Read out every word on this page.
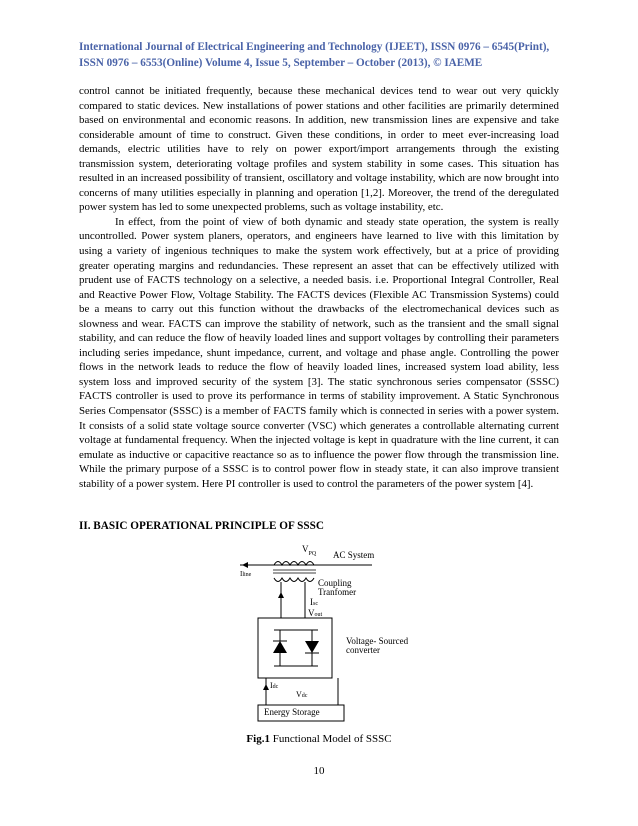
International Journal of Electrical Engineering and Technology (IJEET), ISSN 0976 – 6545(Print),
ISSN 0976 – 6553(Online) Volume 4, Issue 5, September – October (2013), © IAEME

control cannot be initiated frequently, because these mechanical devices tend to wear out very quickly compared to static devices. New installations of power stations and other facilities are primarily determined based on environmental and economic reasons. In addition, new transmission lines are expensive and take considerable amount of time to construct. Given these conditions, in order to meet ever-increasing load demands, electric utilities have to rely on power export/import arrangements through the existing transmission system, deteriorating voltage profiles and system stability in some cases. This situation has resulted in an increased possibility of transient, oscillatory and voltage instability, which are now brought into concerns of many utilities especially in planning and operation [1,2]. Moreover, the trend of the deregulated power system has led to some unexpected problems, such as voltage instability, etc.

In effect, from the point of view of both dynamic and steady state operation, the system is really uncontrolled. Power system planers, operators, and engineers have learned to live with this limitation by using a variety of ingenious techniques to make the system work effectively, but at a price of providing greater operating margins and redundancies. These represent an asset that can be effectively utilized with prudent use of FACTS technology on a selective, a needed basis. i.e. Proportional Integral Controller, Real and Reactive Power Flow, Voltage Stability. The FACTS devices (Flexible AC Transmission Systems) could be a means to carry out this function without the drawbacks of the electromechanical devices such as slowness and wear. FACTS can improve the stability of network, such as the transient and the small signal stability, and can reduce the flow of heavily loaded lines and support voltages by controlling their parameters including series impedance, shunt impedance, current, and voltage and phase angle. Controlling the power flows in the network leads to reduce the flow of heavily loaded lines, increased system load ability, less system loss and improved security of the system [3]. The static synchronous series compensator (SSSC) FACTS controller is used to prove its performance in terms of stability improvement. A Static Synchronous Series Compensator (SSSC) is a member of FACTS family which is connected in series with a power system. It consists of a solid state voltage source converter (VSC) which generates a controllable alternating current voltage at fundamental frequency. When the injected voltage is kept in quadrature with the line current, it can emulate as inductive or capacitive reactance so as to influence the power flow through the transmission line. While the primary purpose of a SSSC is to control power flow in steady state, it can also improve transient stability of a power system. Here PI controller is used to control the parameters of the power system [4].

II. BASIC OPERATIONAL PRINCIPLE OF SSSC
$V_{PQ}$ AC System
Iline
Coupling
Tranfomer
Isc
Vout
Voltage- Sourced
converter
Idc
Vdc
Energy Storage
Fig.1 Functional Model of SSSC
10
